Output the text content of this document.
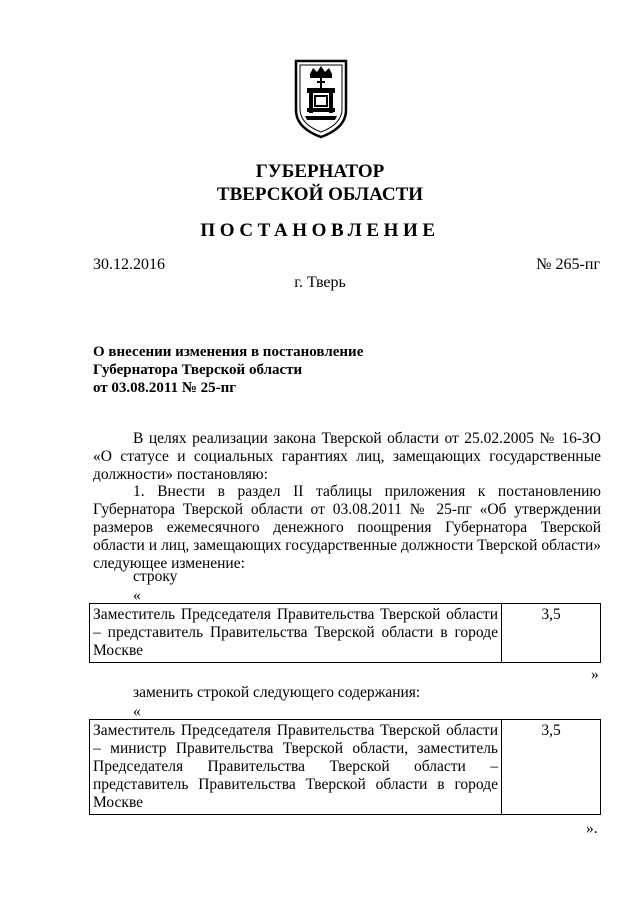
ГУБЕРНАТОР
ТВЕРСКОЙ ОБЛАСТИ
ПОСТАНОВЛЕНИЕ
30.12.2016	№ 265-пг
г. Тверь
О внесении изменения в постановление
Губернатора Тверской области
от 03.08.2011 № 25-пг
В целях реализации закона Тверской области от 25.02.2005 № 16-ЗО «О статусе и социальных гарантиях лиц, замещающих государственные должности» постановляю:
1. Внести в раздел II таблицы приложения к постановлению Губернатора Тверской области от 03.08.2011 № 25-пг «Об утверждении размеров ежемесячного денежного поощрения Губернатора Тверской области и лиц, замещающих государственные должности Тверской области» следующее изменение:
строку
«
Заместитель Председателя Правительства Тверской области – представитель Правительства Тверской области в городе Москве	3,5
»
заменить строкой следующего содержания:
«
Заместитель Председателя Правительства Тверской области – министр Правительства Тверской области, заместитель Председателя Правительства Тверской области – представитель Правительства Тверской области в городе Москве	3,5
».
